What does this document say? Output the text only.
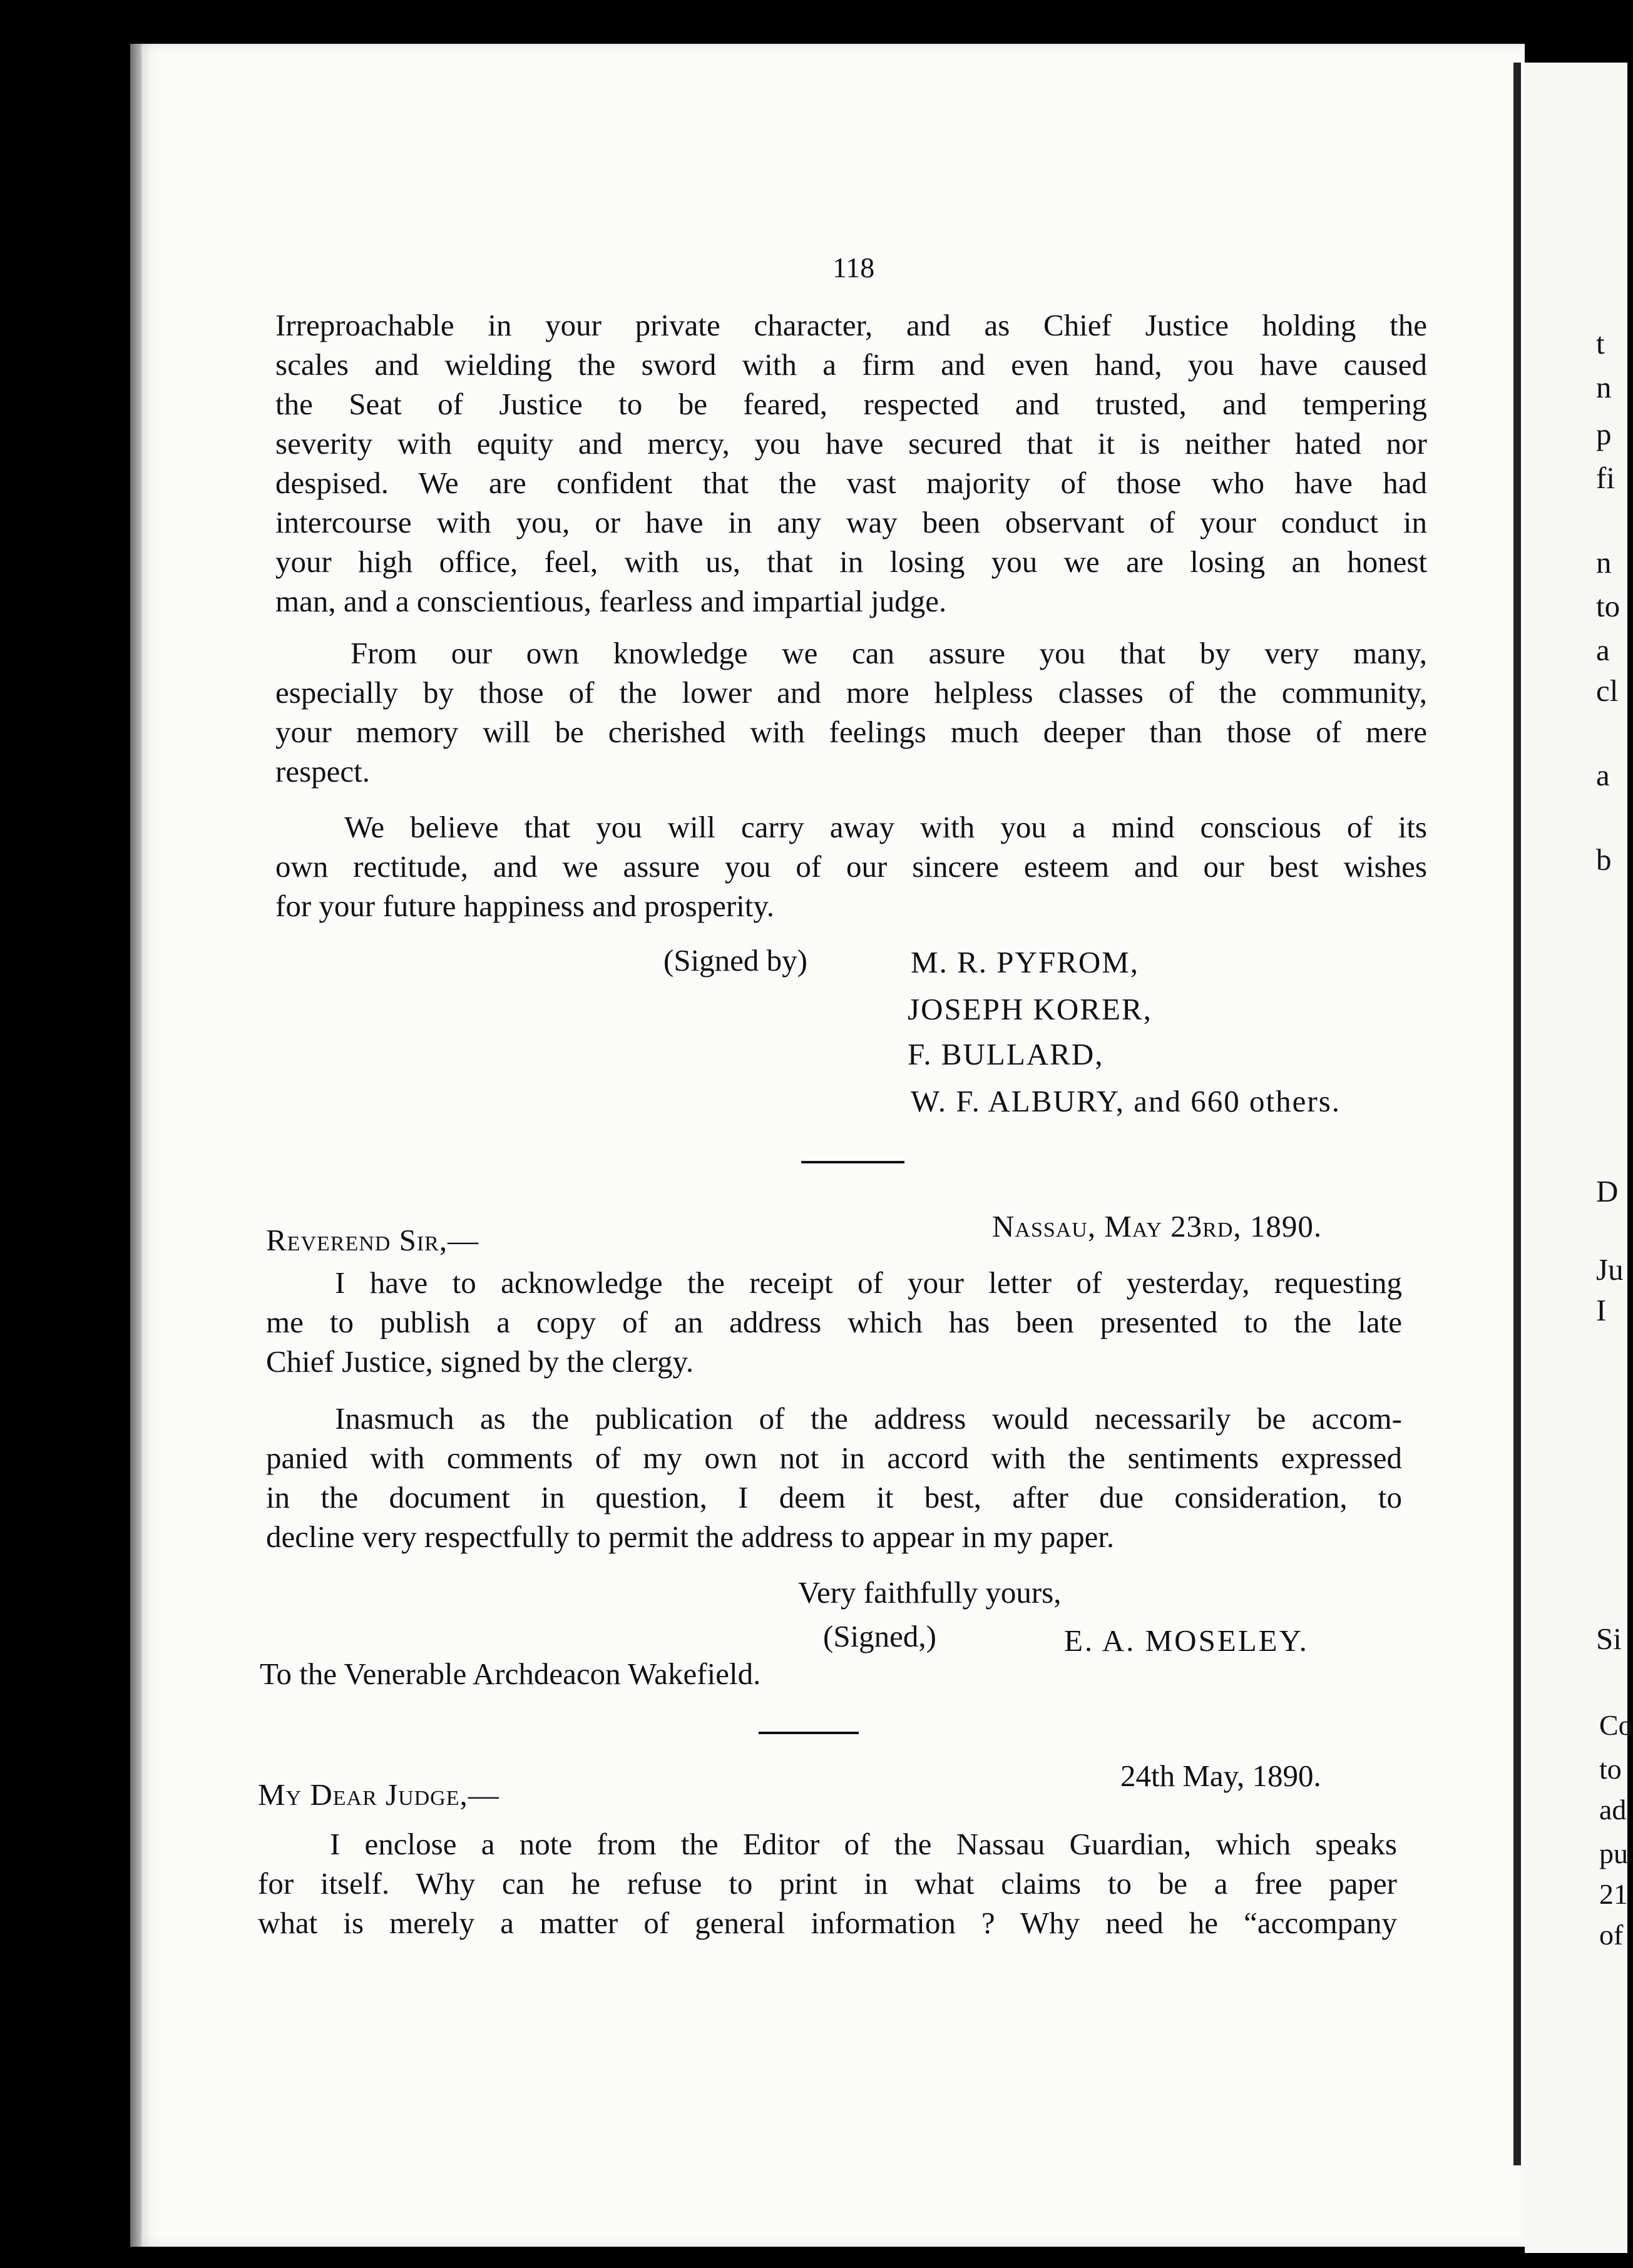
118
Irreproachable in your private character, and as Chief Justice holding the
scales and wielding the sword with a firm and even hand, you have caused
the Seat of Justice to be feared, respected and trusted, and tempering
severity with equity and mercy, you have secured that it is neither hated nor
despised. We are confident that the vast majority of those who have had
intercourse with you, or have in any way been observant of your conduct in
your high office, feel, with us, that in losing you we are losing an honest
man, and a conscientious, fearless and impartial judge.
From our own knowledge we can assure you that by very many,
especially by those of the lower and more helpless classes of the community,
your memory will be cherished with feelings much deeper than those of mere
respect.
We believe that you will carry away with you a mind conscious of its
own rectitude, and we assure you of our sincere esteem and our best wishes
for your future happiness and prosperity.
(Signed by)	M. R. PYFROM,
JOSEPH KORER,
F. BULLARD,
W. F. ALBURY, and 660 others.
Nassau, May 23rd, 1890.
Reverend Sir,—
I have to acknowledge the receipt of your letter of yesterday, requesting
me to publish a copy of an address which has been presented to the late
Chief Justice, signed by the clergy.
Inasmuch as the publication of the address would necessarily be accom-
panied with comments of my own not in accord with the sentiments expressed
in the document in question, I deem it best, after due consideration, to
decline very respectfully to permit the address to appear in my paper.
Very faithfully yours,
(Signed,)	E. A. MOSELEY.
To the Venerable Archdeacon Wakefield.
24th May, 1890.
My Dear Judge,—
I enclose a note from the Editor of the Nassau Guardian, which speaks
for itself. Why can he refuse to print in what claims to be a free paper
what is merely a matter of general information ? Why need he “accompany
t
n
p
fi
n
to
a
cl
a
b
D
Ju
I
Si
Co
to
ad
pu
21
of
